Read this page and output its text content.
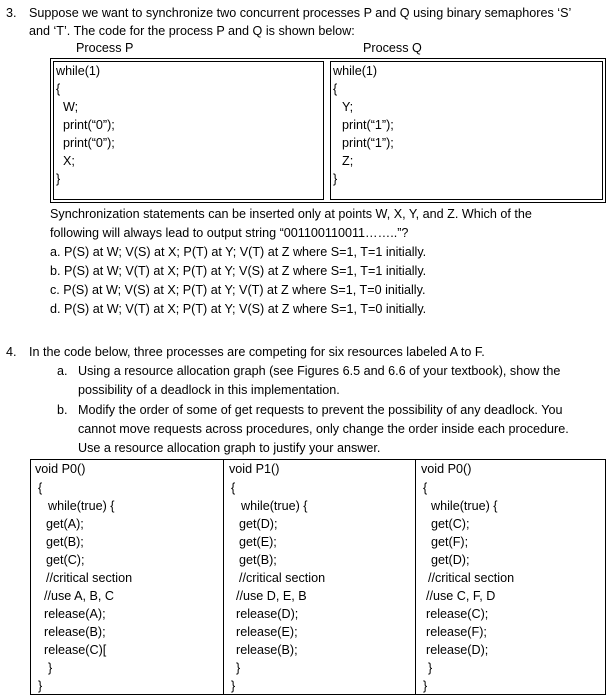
3. Suppose we want to synchronize two concurrent processes P and Q using binary semaphores ‘S’
and ‘T’. The code for the process P and Q is shown below:
Process P	Process Q
while(1)
{
W;
print(“0”);
print(“0”);
X;
}
while(1)
{
Y;
print(“1”);
print(“1”);
Z;
}
Synchronization statements can be inserted only at points W, X, Y, and Z. Which of the
following will always lead to output string “001100110011……..”?
a. P(S) at W; V(S) at X; P(T) at Y; V(T) at Z where S=1, T=1 initially.
b. P(S) at W; V(T) at X; P(T) at Y; V(S) at Z where S=1, T=1 initially.
c. P(S) at W; V(S) at X; P(T) at Y; V(T) at Z where S=1, T=0 initially.
d. P(S) at W; V(T) at X; P(T) at Y; V(S) at Z where S=1, T=0 initially.
4. In the code below, three processes are competing for six resources labeled A to F.
a. Using a resource allocation graph (see Figures 6.5 and 6.6 of your textbook), show the
possibility of a deadlock in this implementation.
b. Modify the order of some of get requests to prevent the possibility of any deadlock. You
cannot move requests across procedures, only change the order inside each procedure.
Use a resource allocation graph to justify your answer.
void P0()
{
while(true) {
get(A);
get(B);
get(C);
//critical section
//use A, B, C
release(A);
release(B);
release(C)[
}
}
void P1()
{
while(true) {
get(D);
get(E);
get(B);
//critical section
//use D, E, B
release(D);
release(E);
release(B);
}
}
void P0()
{
while(true) {
get(C);
get(F);
get(D);
//critical section
//use C, F, D
release(C);
release(F);
release(D);
}
}
